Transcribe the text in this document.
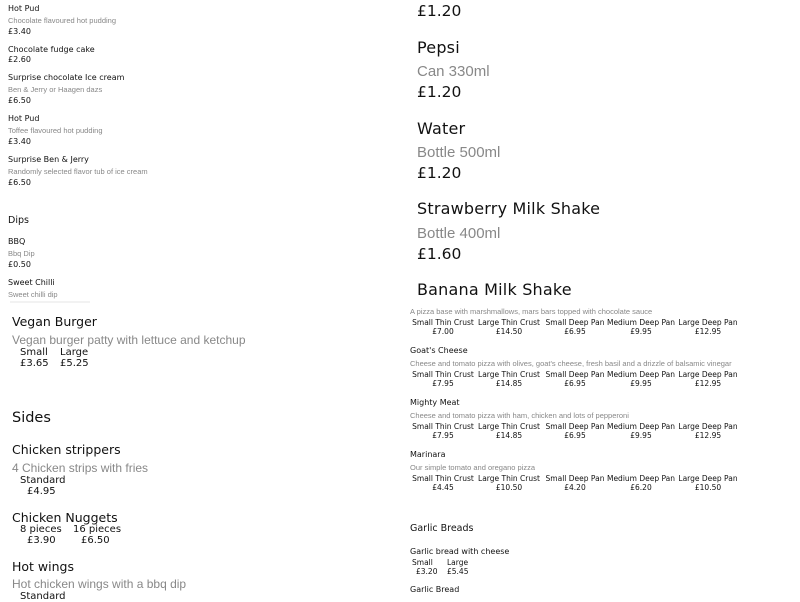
Hot Pud
Chocolate flavoured hot pudding
£3.40
Chocolate fudge cake
£2.60
Surprise chocolate Ice cream
Ben & Jerry or Haagen dazs
£6.50
Hot Pud
Toffee flavoured hot pudding
£3.40
Surprise Ben & Jerry
Randomly selected flavor tub of ice cream
£6.50
Dips
BBQ
Bbq Dip
£0.50
Sweet Chilli
Sweet chilli dip
Vegan Burger
Vegan burger patty with lettuce and ketchup
Small Large
£3.65 £5.25
Sides
Chicken strippers
4 Chicken strips with fries
Standard
£4.95
Chicken Nuggets
8 pieces 16 pieces
£3.90	£6.50
Hot wings
Hot chicken wings with a bbq dip
Standard
£1.20
Pepsi
Can 330ml
£1.20
Water
Bottle 500ml
£1.20
Strawberry Milk Shake
Bottle 400ml
£1.60
Banana Milk Shake
A pizza base with marshmallows, mars bars topped with chocolate sauce
Small Thin Crust Large Thin Crust Small Deep Pan Medium Deep Pan Large Deep Pan
£7.00	£14.50	£6.95	£9.95	£12.95
Goat's Cheese
Cheese and tomato pizza with olives, goat's cheese, fresh basil and a drizzle of balsamic vinegar
Small Thin Crust Large Thin Crust Small Deep Pan Medium Deep Pan Large Deep Pan
£7.95	£14.85	£6.95	£9.95	£12.95
Mighty Meat
Cheese and tomato pizza with ham, chicken and lots of pepperoni
Small Thin Crust Large Thin Crust Small Deep Pan Medium Deep Pan Large Deep Pan
£7.95	£14.85	£6.95	£9.95	£12.95
Marinara
Our simple tomato and oregano pizza
Small Thin Crust Large Thin Crust Small Deep Pan Medium Deep Pan Large Deep Pan
£4.45	£10.50	£4.20	£6.20	£10.50
Garlic Breads
Garlic bread with cheese
Small	Large
£3.20	£5.45
Garlic Bread
